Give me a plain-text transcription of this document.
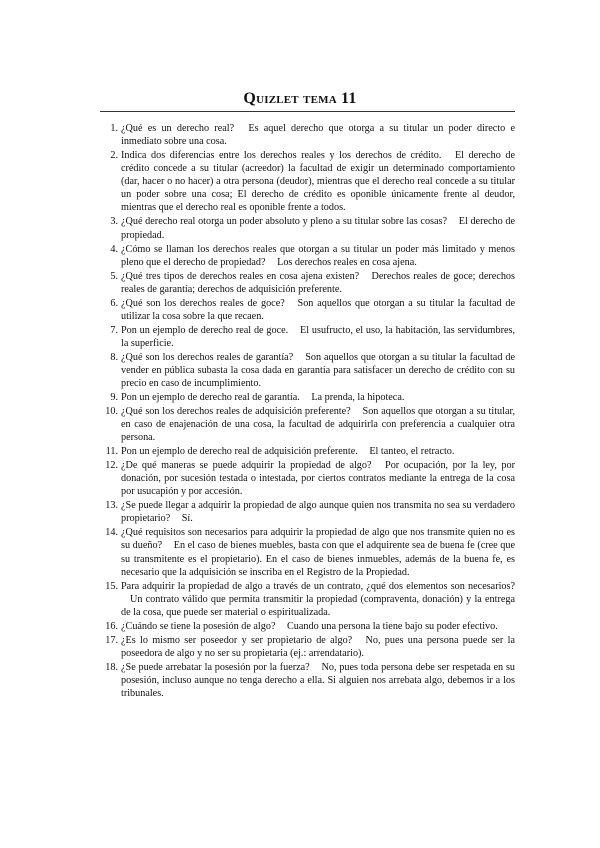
Quizlet tema 11
1. ¿Qué es un derecho real? Es aquel derecho que otorga a su titular un poder directo e inmediato sobre una cosa.
2. Indica dos diferencias entre los derechos reales y los derechos de crédito. El derecho de crédito concede a su titular (acreedor) la facultad de exigir un determinado comportamiento (dar, hacer o no hacer) a otra persona (deudor), mientras que el derecho real concede a su titular un poder sobre una cosa; El derecho de crédito es oponible únicamente frente al deudor, mientras que el derecho real es oponible frente a todos.
3. ¿Qué derecho real otorga un poder absoluto y pleno a su titular sobre las cosas? El derecho de propiedad.
4. ¿Cómo se llaman los derechos reales que otorgan a su titular un poder más limitado y menos pleno que el derecho de propiedad? Los derechos reales en cosa ajena.
5. ¿Qué tres tipos de derechos reales en cosa ajena existen? Derechos reales de goce; derechos reales de garantía; derechos de adquisición preferente.
6. ¿Qué son los derechos reales de goce? Son aquellos que otorgan a su titular la facultad de utilizar la cosa sobre la que recaen.
7. Pon un ejemplo de derecho real de goce. El usufructo, el uso, la habitación, las servidumbres, la superficie.
8. ¿Qué son los derechos reales de garantía? Son aquellos que otorgan a su titular la facultad de vender en pública subasta la cosa dada en garantía para satisfacer un derecho de crédito con su precio en caso de incumplimiento.
9. Pon un ejemplo de derecho real de garantía. La prenda, la hipoteca.
10. ¿Qué son los derechos reales de adquisición preferente? Son aquellos que otorgan a su titular, en caso de enajenación de una cosa, la facultad de adquirirla con preferencia a cualquier otra persona.
11. Pon un ejemplo de derecho real de adquisición preferente. El tanteo, el retracto.
12. ¿De qué maneras se puede adquirir la propiedad de algo? Por ocupación, por la ley, por donación, por sucesión testada o intestada, por ciertos contratos mediante la entrega de la cosa por usucapión y por accesión.
13. ¿Se puede llegar a adquirir la propiedad de algo aunque quien nos transmita no sea su verdadero propietario? Sí.
14. ¿Qué requisitos son necesarios para adquirir la propiedad de algo que nos transmite quien no es su dueño? En el caso de bienes muebles, basta con que el adquirente sea de buena fe (cree que su transmitente es el propietario). En el caso de bienes inmuebles, además de la buena fe, es necesario que la adquisición se inscriba en el Registro de la Propiedad.
15. Para adquirir la propiedad de algo a través de un contrato, ¿qué dos elementos son necesarios? Un contrato válido que permita transmitir la propiedad (compraventa, donación) y la entrega de la cosa, que puede ser material o espiritualizada.
16. ¿Cuándo se tiene la posesión de algo? Cuando una persona la tiene bajo su poder efectivo.
17. ¿Es lo mismo ser poseedor y ser propietario de algo? No, pues una persona puede ser la poseedora de algo y no ser su propietaria (ej.: arrendatario).
18. ¿Se puede arrebatar la posesión por la fuerza? No, pues toda persona debe ser respetada en su posesión, incluso aunque no tenga derecho a ella. Si alguien nos arrebata algo, debemos ir a los tribunales.
